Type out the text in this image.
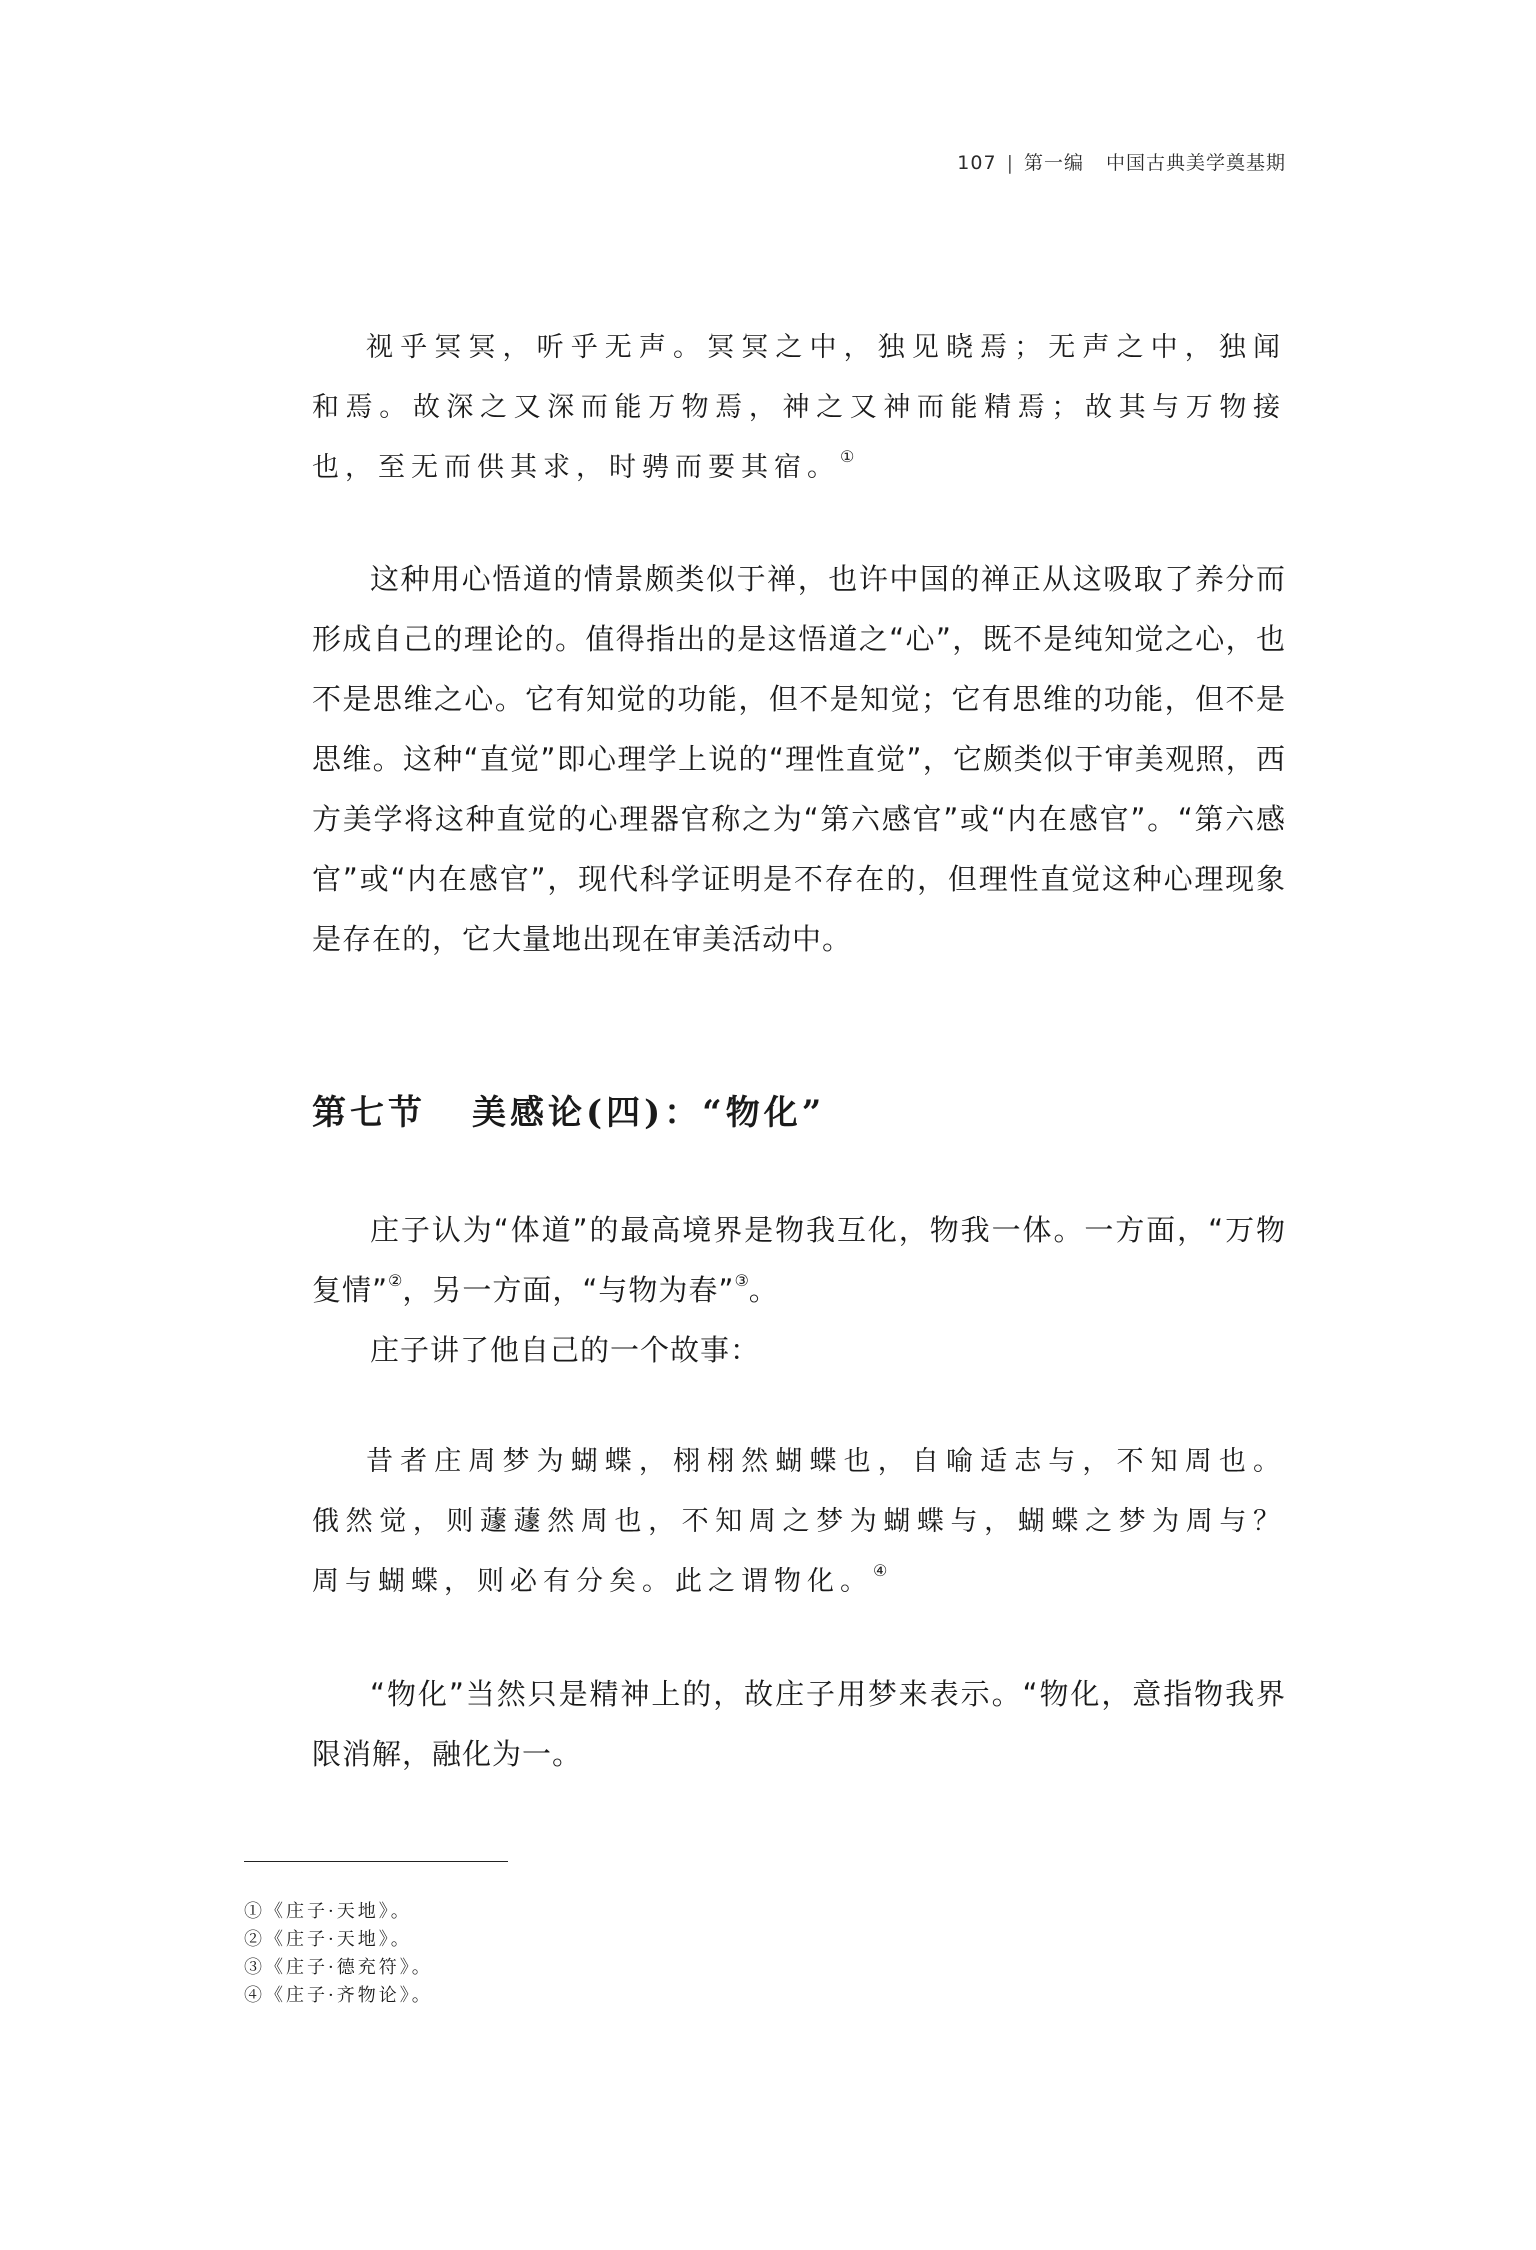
107 | 第一编 中国古典美学奠基期
视乎冥冥，听乎无声。冥冥之中，独见晓焉；无声之中，独闻和焉。故深之又深而能万物焉，神之又神而能精焉；故其与万物接也，至无而供其求，时骋而要其宿。①
这种用心悟道的情景颇类似于禅，也许中国的禅正从这吸取了养分而形成自己的理论的。值得指出的是这悟道之“心”，既不是纯知觉之心，也不是思维之心。它有知觉的功能，但不是知觉；它有思维的功能，但不是思维。这种“直觉”即心理学上说的“理性直觉”，它颇类似于审美观照，西方美学将这种直觉的心理器官称之为“第六感官”或“内在感官”。“第六感官”或“内在感官”，现代科学证明是不存在的，但理性直觉这种心理现象是存在的，它大量地出现在审美活动中。
第七节 美感论(四)：“物化”
庄子认为“体道”的最高境界是物我互化，物我一体。一方面，“万物复情”②，另一方面，“与物为春”③。
庄子讲了他自己的一个故事：
昔者庄周梦为蝴蝶，栩栩然蝴蝶也，自喻适志与，不知周也。俄然觉，则蘧蘧然周也，不知周之梦为蝴蝶与，蝴蝶之梦为周与？周与蝴蝶，则必有分矣。此之谓物化。④
“物化”当然只是精神上的，故庄子用梦来表示。“物化，意指物我界限消解，融化为一。
①《庄子·天地》。
②《庄子·天地》。
③《庄子·德充符》。
④《庄子·齐物论》。
